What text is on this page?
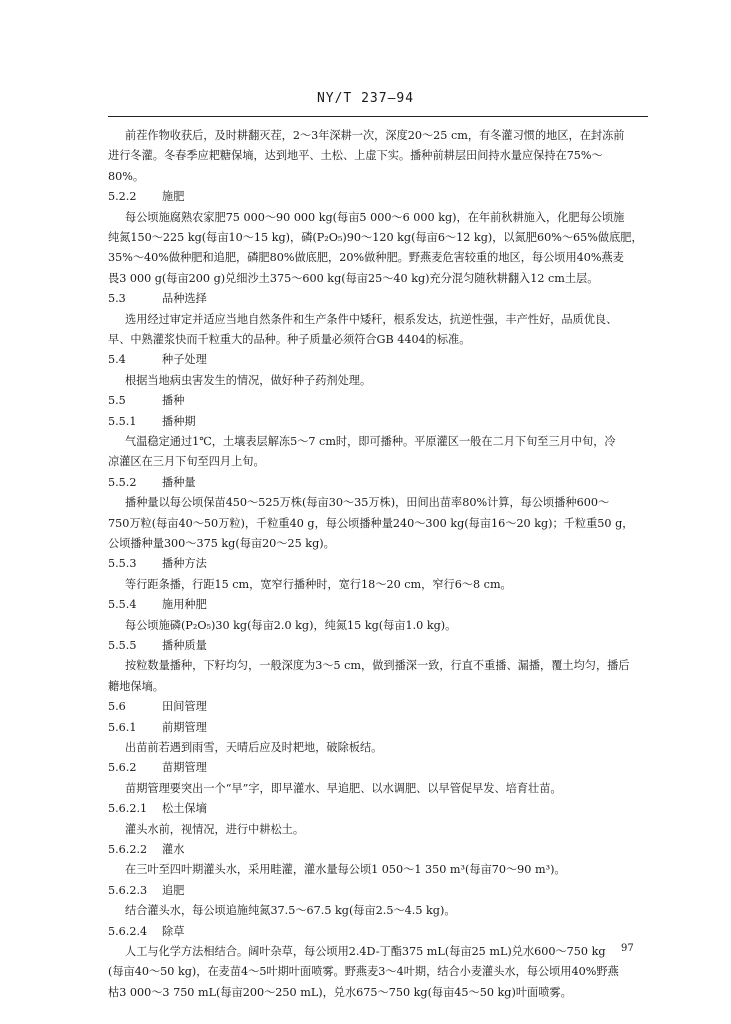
NY/T 237—94
前茬作物收获后，及时耕翻灭茬，2～3年深耕一次，深度20～25 cm，有冬灌习惯的地区，在封冻前
进行冬灌。冬春季应耙糖保墒，达到地平、土松、上虚下实。播种前耕层田间持水量应保持在75%～
80%。
5.2.2 施肥
每公顷施腐熟农家肥75 000～90 000 kg(每亩5 000～6 000 kg)，在年前秋耕施入，化肥每公顷施
纯氮150～225 kg(每亩10～15 kg)，磷(P₂O₅)90～120 kg(每亩6～12 kg)，以氮肥60%～65%做底肥，
35%～40%做种肥和追肥，磷肥80%做底肥，20%做种肥。野燕麦危害较重的地区，每公顷用40%燕麦
畏3 000 g(每亩200 g)兑细沙土375～600 kg(每亩25～40 kg)充分混匀随秋耕翻入12 cm土层。
5.3	品种选择
选用经过审定并适应当地自然条件和生产条件中矮秆，根系发达，抗逆性强，丰产性好，品质优良、
早、中熟灌浆快而千粒重大的品种。种子质量必须符合GB 4404的标准。
5.4	种子处理
根据当地病虫害发生的情况，做好种子药剂处理。
5.5	播种
5.5.1 播种期
气温稳定通过1℃，土壤表层解冻5～7 cm时，即可播种。平原灌区一般在二月下旬至三月中旬，冷
凉灌区在三月下旬至四月上旬。
5.5.2 播种量
播种量以每公顷保苗450～525万株(每亩30～35万株)，田间出苗率80%计算，每公顷播种600～
750万粒(每亩40～50万粒)，千粒重40 g，每公顷播种量240～300 kg(每亩16～20 kg)；千粒重50 g，
公顷播种量300～375 kg(每亩20～25 kg)。
5.5.3 播种方法
等行距条播，行距15 cm，宽窄行播种时，宽行18～20 cm，窄行6～8 cm。
5.5.4 施用种肥
每公顷施磷(P₂O₅)30 kg(每亩2.0 kg)，纯氮15 kg(每亩1.0 kg)。
5.5.5 播种质量
按粒数量播种，下籽均匀，一般深度为3～5 cm，做到播深一致，行直不重播、漏播，覆土均匀，播后
耱地保墒。
5.6	田间管理
5.6.1 前期管理
出苗前若遇到雨雪，天晴后应及时耙地，破除板结。
5.6.2 苗期管理
苗期管理要突出一个“早”字，即早灌水、早追肥、以水调肥、以早管促早发、培育壮苗。
5.6.2.1 松土保墒
灌头水前，视情况，进行中耕松土。
5.6.2.2 灌水
在三叶至四叶期灌头水，采用畦灌，灌水量每公顷1 050～1 350 m³(每亩70～90 m³)。
5.6.2.3 追肥
结合灌头水，每公顷追施纯氮37.5～67.5 kg(每亩2.5～4.5 kg)。
5.6.2.4 除草
人工与化学方法相结合。阔叶杂草，每公顷用2.4D-丁酯375 mL(每亩25 mL)兑水600～750 kg
(每亩40～50 kg)，在麦苗4～5叶期叶面喷雾。野燕麦3～4叶期，结合小麦灌头水，每公顷用40%野燕
枯3 000～3 750 mL(每亩200～250 mL)，兑水675～750 kg(每亩45～50 kg)叶面喷雾。
97
